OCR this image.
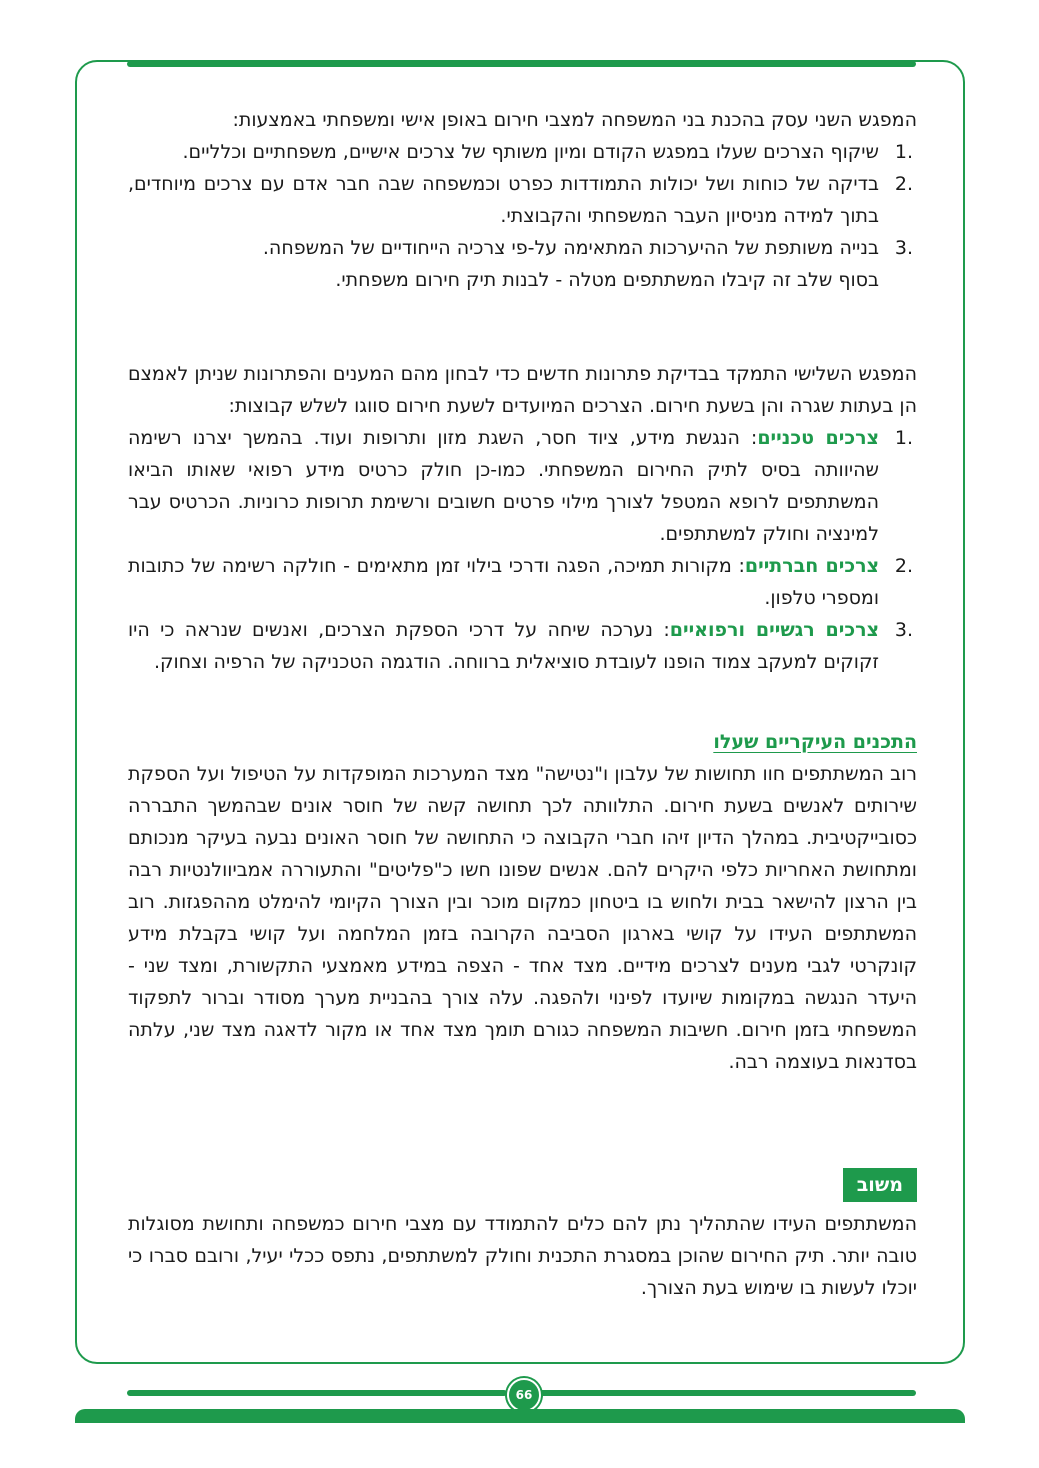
המפגש השני עסק בהכנת בני המשפחה למצבי חירום באופן אישי ומשפחתי באמצעות:

.1
שיקוף הצרכים שעלו במפגש הקודם ומיון משותף של צרכים אישיים, משפחתיים וכלליים.
.2
בדיקה של כוחות ושל יכולות התמודדות כפרט וכמשפחה שבה חבר אדם עם צרכים מיוחדים, בתוך למידה מניסיון העבר המשפחתי והקבוצתי.
.3
בנייה משותפת של ההיערכות המתאימה על-פי צרכיה הייחודיים של המשפחה.

בסוף שלב זה קיבלו המשתתפים מטלה - לבנות תיק חירום משפחתי.

המפגש השלישי התמקד בבדיקת פתרונות חדשים כדי לבחון מהם המענים והפתרונות שניתן לאמצם הן בעתות שגרה והן בשעת חירום. הצרכים המיועדים לשעת חירום סווגו לשלש קבוצות:

.1
צרכים טכניים: הנגשת מידע, ציוד חסר, השגת מזון ותרופות ועוד. בהמשך יצרנו רשימה שהיוותה בסיס לתיק החירום המשפחתי. כמו-כן חולק כרטיס מידע רפואי שאותו הביאו המשתתפים לרופא המטפל לצורך מילוי פרטים חשובים ורשימת תרופות כרוניות. הכרטיס עבר למינציה וחולק למשתתפים.
.2
צרכים חברתיים: מקורות תמיכה, הפגה ודרכי בילוי זמן מתאימים - חולקה רשימה של כתובות ומספרי טלפון.
.3
צרכים רגשיים ורפואיים: נערכה שיחה על דרכי הספקת הצרכים, ואנשים שנראה כי היו זקוקים למעקב צמוד הופנו לעובדת סוציאלית ברווחה. הודגמה הטכניקה של הרפיה וצחוק.

התכנים העיקריים שעלו

רוב המשתתפים חוו תחושות של עלבון ו"נטישה" מצד המערכות המופקדות על הטיפול ועל הספקת שירותים לאנשים בשעת חירום. התלוותה לכך תחושה קשה של חוסר אונים שבהמשך התבררה כסובייקטיבית. במהלך הדיון זיהו חברי הקבוצה כי התחושה של חוסר האונים נבעה בעיקר מנכותם ומתחושת האחריות כלפי היקרים להם. אנשים שפונו חשו כ"פליטים" והתעוררה אמביוולנטיות רבה בין הרצון להישאר בבית ולחוש בו ביטחון כמקום מוכר ובין הצורך הקיומי להימלט מההפגזות. רוב המשתתפים העידו על קושי בארגון הסביבה הקרובה בזמן המלחמה ועל קושי בקבלת מידע קונקרטי לגבי מענים לצרכים מידיים. מצד אחד - הצפה במידע מאמצעי התקשורת, ומצד שני - היעדר הנגשה במקומות שיועדו לפינוי ולהפגה. עלה צורך בהבניית מערך מסודר וברור לתפקוד המשפחתי בזמן חירום. חשיבות המשפחה כגורם תומך מצד אחד או מקור לדאגה מצד שני, עלתה בסדנאות בעוצמה רבה.

משוב

המשתתפים העידו שהתהליך נתן להם כלים להתמודד עם מצבי חירום כמשפחה ותחושת מסוגלות טובה יותר. תיק החירום שהוכן במסגרת התכנית וחולק למשתתפים, נתפס ככלי יעיל, ורובם סברו כי יוכלו לעשות בו שימוש בעת הצורך.

66
